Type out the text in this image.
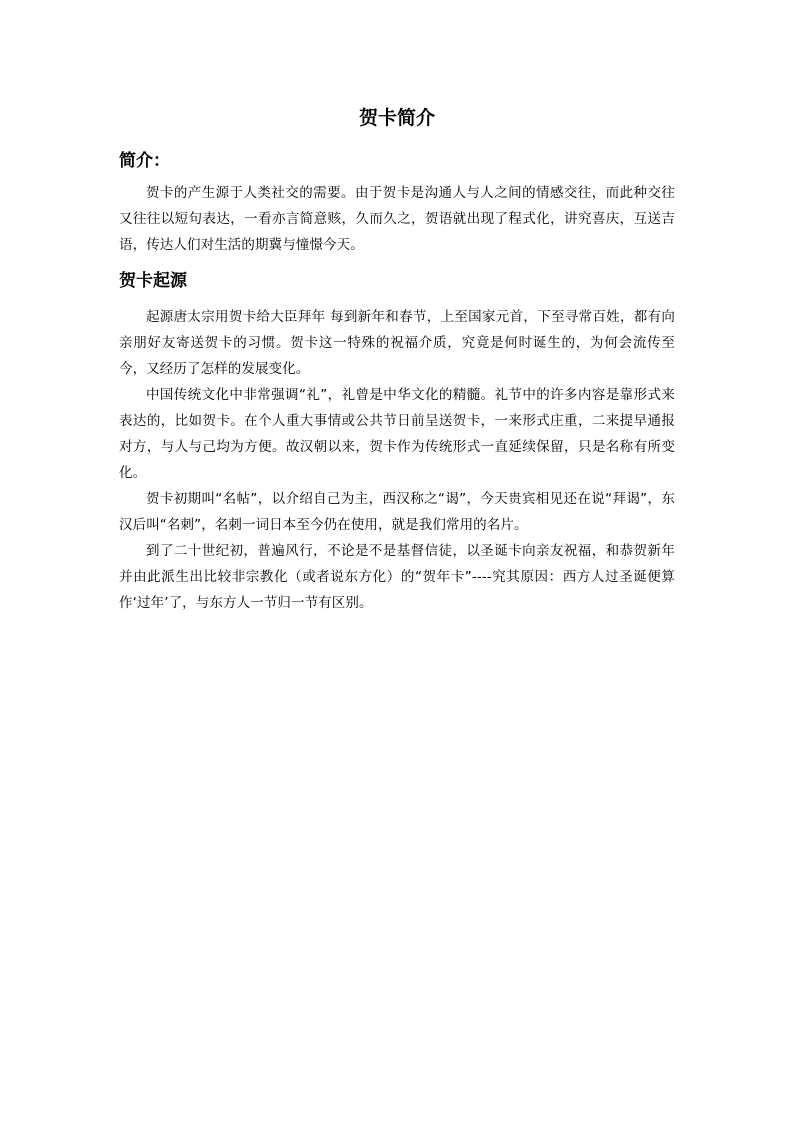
贺卡简介
简介：

贺卡的产生源于人类社交的需要。由于贺卡是沟通人与人之间的情感交往，而此种交往又往往以短句表达，一看亦言简意赅，久而久之，贺语就出现了程式化，讲究喜庆，互送吉语，传达人们对生活的期冀与憧憬今天。

贺卡起源

起源唐太宗用贺卡给大臣拜年 每到新年和春节，上至国家元首，下至寻常百姓，都有向亲朋好友寄送贺卡的习惯。贺卡这一特殊的祝福介质，究竟是何时诞生的，为何会流传至今，又经历了怎样的发展变化。

中国传统文化中非常强调“礼”，礼曾是中华文化的精髓。礼节中的许多内容是靠形式来表达的，比如贺卡。在个人重大事情或公共节日前呈送贺卡，一来形式庄重，二来提早通报对方，与人与己均为方便。故汉朝以来，贺卡作为传统形式一直延续保留，只是名称有所变化。

贺卡初期叫“名帖”，以介绍自己为主，西汉称之“谒”，今天贵宾相见还在说“拜谒”，东汉后叫“名刺”，名刺一词日本至今仍在使用，就是我们常用的名片。

到了二十世纪初，普遍风行，不论是不是基督信徒，以圣诞卡向亲友祝福，和恭贺新年并由此派生出比较非宗教化（或者说东方化）的“贺年卡”----究其原因：西方人过圣诞便算作‘过年’了，与东方人一节归一节有区别。
